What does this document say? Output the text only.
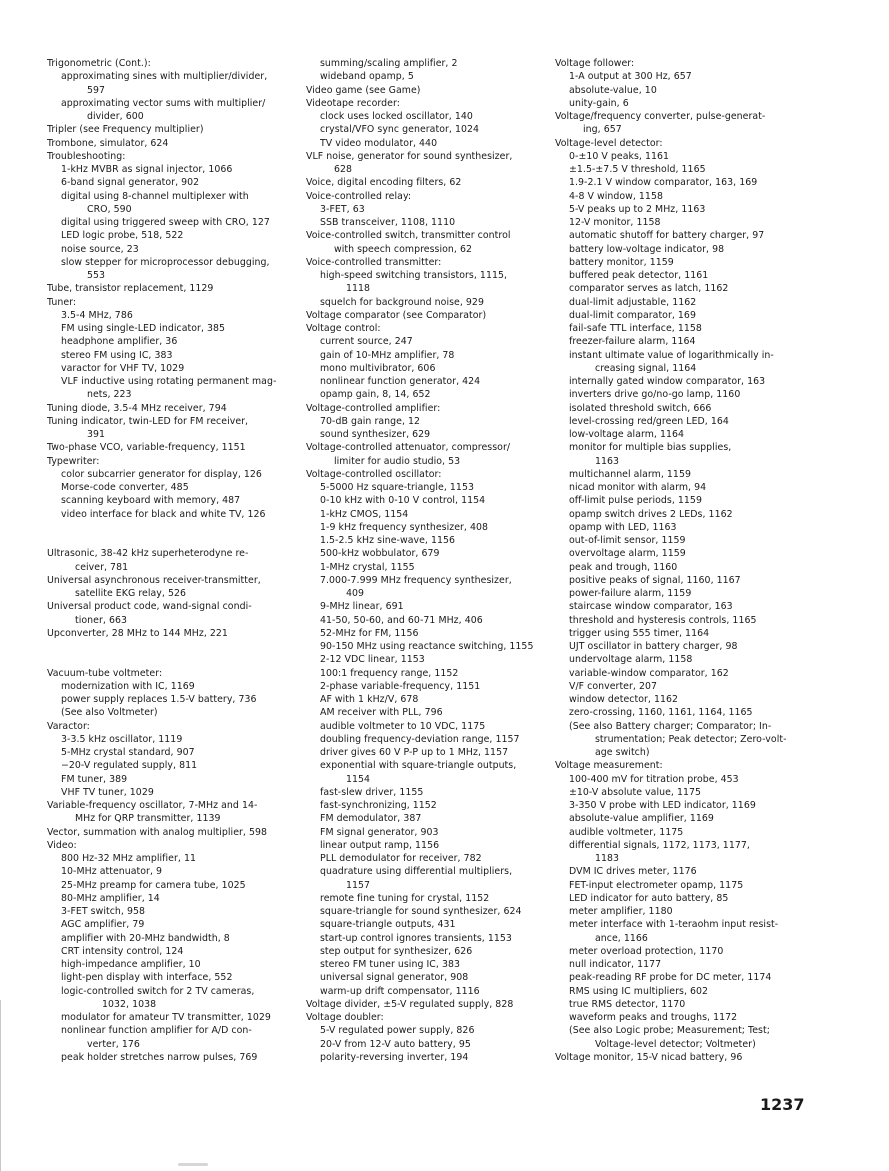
Trigonometric (Cont.):
approximating sines with multiplier/divider,
597
approximating vector sums with multiplier/
divider, 600
Tripler (see Frequency multiplier)
Trombone, simulator, 624
Troubleshooting:
1-kHz MVBR as signal injector, 1066
6-band signal generator, 902
digital using 8-channel multiplexer with
CRO, 590
digital using triggered sweep with CRO, 127
LED logic probe, 518, 522
noise source, 23
slow stepper for microprocessor debugging,
553
Tube, transistor replacement, 1129
Tuner:
3.5-4 MHz, 786
FM using single-LED indicator, 385
headphone amplifier, 36
stereo FM using IC, 383
varactor for VHF TV, 1029
VLF inductive using rotating permanent mag-
nets, 223
Tuning diode, 3.5-4 MHz receiver, 794
Tuning indicator, twin-LED for FM receiver,
391
Two-phase VCO, variable-frequency, 1151
Typewriter:
color subcarrier generator for display, 126
Morse-code converter, 485
scanning keyboard with memory, 487
video interface for black and white TV, 126
Ultrasonic, 38-42 kHz superheterodyne re-
ceiver, 781
Universal asynchronous receiver-transmitter,
satellite EKG relay, 526
Universal product code, wand-signal condi-
tioner, 663
Upconverter, 28 MHz to 144 MHz, 221
Vacuum-tube voltmeter:
modernization with IC, 1169
power supply replaces 1.5-V battery, 736
(See also Voltmeter)
Varactor:
3-3.5 kHz oscillator, 1119
5-MHz crystal standard, 907
−20-V regulated supply, 811
FM tuner, 389
VHF TV tuner, 1029
Variable-frequency oscillator, 7-MHz and 14-
MHz for QRP transmitter, 1139
Vector, summation with analog multiplier, 598
Video:
800 Hz-32 MHz amplifier, 11
10-MHz attenuator, 9
25-MHz preamp for camera tube, 1025
80-MHz amplifier, 14
3-FET switch, 958
AGC amplifier, 79
amplifier with 20-MHz bandwidth, 8
CRT intensity control, 124
high-impedance amplifier, 10
light-pen display with interface, 552
logic-controlled switch for 2 TV cameras,
1032, 1038
modulator for amateur TV transmitter, 1029
nonlinear function amplifier for A/D con-
verter, 176
peak holder stretches narrow pulses, 769
summing/scaling amplifier, 2
wideband opamp, 5
Video game (see Game)
Videotape recorder:
clock uses locked oscillator, 140
crystal/VFO sync generator, 1024
TV video modulator, 440
VLF noise, generator for sound synthesizer,
628
Voice, digital encoding filters, 62
Voice-controlled relay:
3-FET, 63
SSB transceiver, 1108, 1110
Voice-controlled switch, transmitter control
with speech compression, 62
Voice-controlled transmitter:
high-speed switching transistors, 1115,
1118
squelch for background noise, 929
Voltage comparator (see Comparator)
Voltage control:
current source, 247
gain of 10-MHz amplifier, 78
mono multivibrator, 606
nonlinear function generator, 424
opamp gain, 8, 14, 652
Voltage-controlled amplifier:
70-dB gain range, 12
sound synthesizer, 629
Voltage-controlled attenuator, compressor/
limiter for audio studio, 53
Voltage-controlled oscillator:
5-5000 Hz square-triangle, 1153
0-10 kHz with 0-10 V control, 1154
1-kHz CMOS, 1154
1-9 kHz frequency synthesizer, 408
1.5-2.5 kHz sine-wave, 1156
500-kHz wobbulator, 679
1-MHz crystal, 1155
7.000-7.999 MHz frequency synthesizer,
409
9-MHz linear, 691
41-50, 50-60, and 60-71 MHz, 406
52-MHz for FM, 1156
90-150 MHz using reactance switching, 1155
2-12 VDC linear, 1153
100:1 frequency range, 1152
2-phase variable-frequency, 1151
AF with 1 kHz/V, 678
AM receiver with PLL, 796
audible voltmeter to 10 VDC, 1175
doubling frequency-deviation range, 1157
driver gives 60 V P-P up to 1 MHz, 1157
exponential with square-triangle outputs,
1154
fast-slew driver, 1155
fast-synchronizing, 1152
FM demodulator, 387
FM signal generator, 903
linear output ramp, 1156
PLL demodulator for receiver, 782
quadrature using differential multipliers,
1157
remote fine tuning for crystal, 1152
square-triangle for sound synthesizer, 624
square-triangle outputs, 431
start-up control ignores transients, 1153
step output for synthesizer, 626
stereo FM tuner using IC, 383
universal signal generator, 908
warm-up drift compensator, 1116
Voltage divider, ±5-V regulated supply, 828
Voltage doubler:
5-V regulated power supply, 826
20-V from 12-V auto battery, 95
polarity-reversing inverter, 194
Voltage follower:
1-A output at 300 Hz, 657
absolute-value, 10
unity-gain, 6
Voltage/frequency converter, pulse-generat-
ing, 657
Voltage-level detector:
0-±10 V peaks, 1161
±1.5-±7.5 V threshold, 1165
1.9-2.1 V window comparator, 163, 169
4-8 V window, 1158
5-V peaks up to 2 MHz, 1163
12-V monitor, 1158
automatic shutoff for battery charger, 97
battery low-voltage indicator, 98
battery monitor, 1159
buffered peak detector, 1161
comparator serves as latch, 1162
dual-limit adjustable, 1162
dual-limit comparator, 169
fail-safe TTL interface, 1158
freezer-failure alarm, 1164
instant ultimate value of logarithmically in-
creasing signal, 1164
internally gated window comparator, 163
inverters drive go/no-go lamp, 1160
isolated threshold switch, 666
level-crossing red/green LED, 164
low-voltage alarm, 1164
monitor for multiple bias supplies,
1163
multichannel alarm, 1159
nicad monitor with alarm, 94
off-limit pulse periods, 1159
opamp switch drives 2 LEDs, 1162
opamp with LED, 1163
out-of-limit sensor, 1159
overvoltage alarm, 1159
peak and trough, 1160
positive peaks of signal, 1160, 1167
power-failure alarm, 1159
staircase window comparator, 163
threshold and hysteresis controls, 1165
trigger using 555 timer, 1164
UJT oscillator in battery charger, 98
undervoltage alarm, 1158
variable-window comparator, 162
V/F converter, 207
window detector, 1162
zero-crossing, 1160, 1161, 1164, 1165
(See also Battery charger; Comparator; In-
strumentation; Peak detector; Zero-volt-
age switch)
Voltage measurement:
100-400 mV for titration probe, 453
±10-V absolute value, 1175
3-350 V probe with LED indicator, 1169
absolute-value amplifier, 1169
audible voltmeter, 1175
differential signals, 1172, 1173, 1177,
1183
DVM IC drives meter, 1176
FET-input electrometer opamp, 1175
LED indicator for auto battery, 85
meter amplifier, 1180
meter interface with 1-teraohm input resist-
ance, 1166
meter overload protection, 1170
null indicator, 1177
peak-reading RF probe for DC meter, 1174
RMS using IC multipliers, 602
true RMS detector, 1170
waveform peaks and troughs, 1172
(See also Logic probe; Measurement; Test;
Voltage-level detector; Voltmeter)
Voltage monitor, 15-V nicad battery, 96
1237
